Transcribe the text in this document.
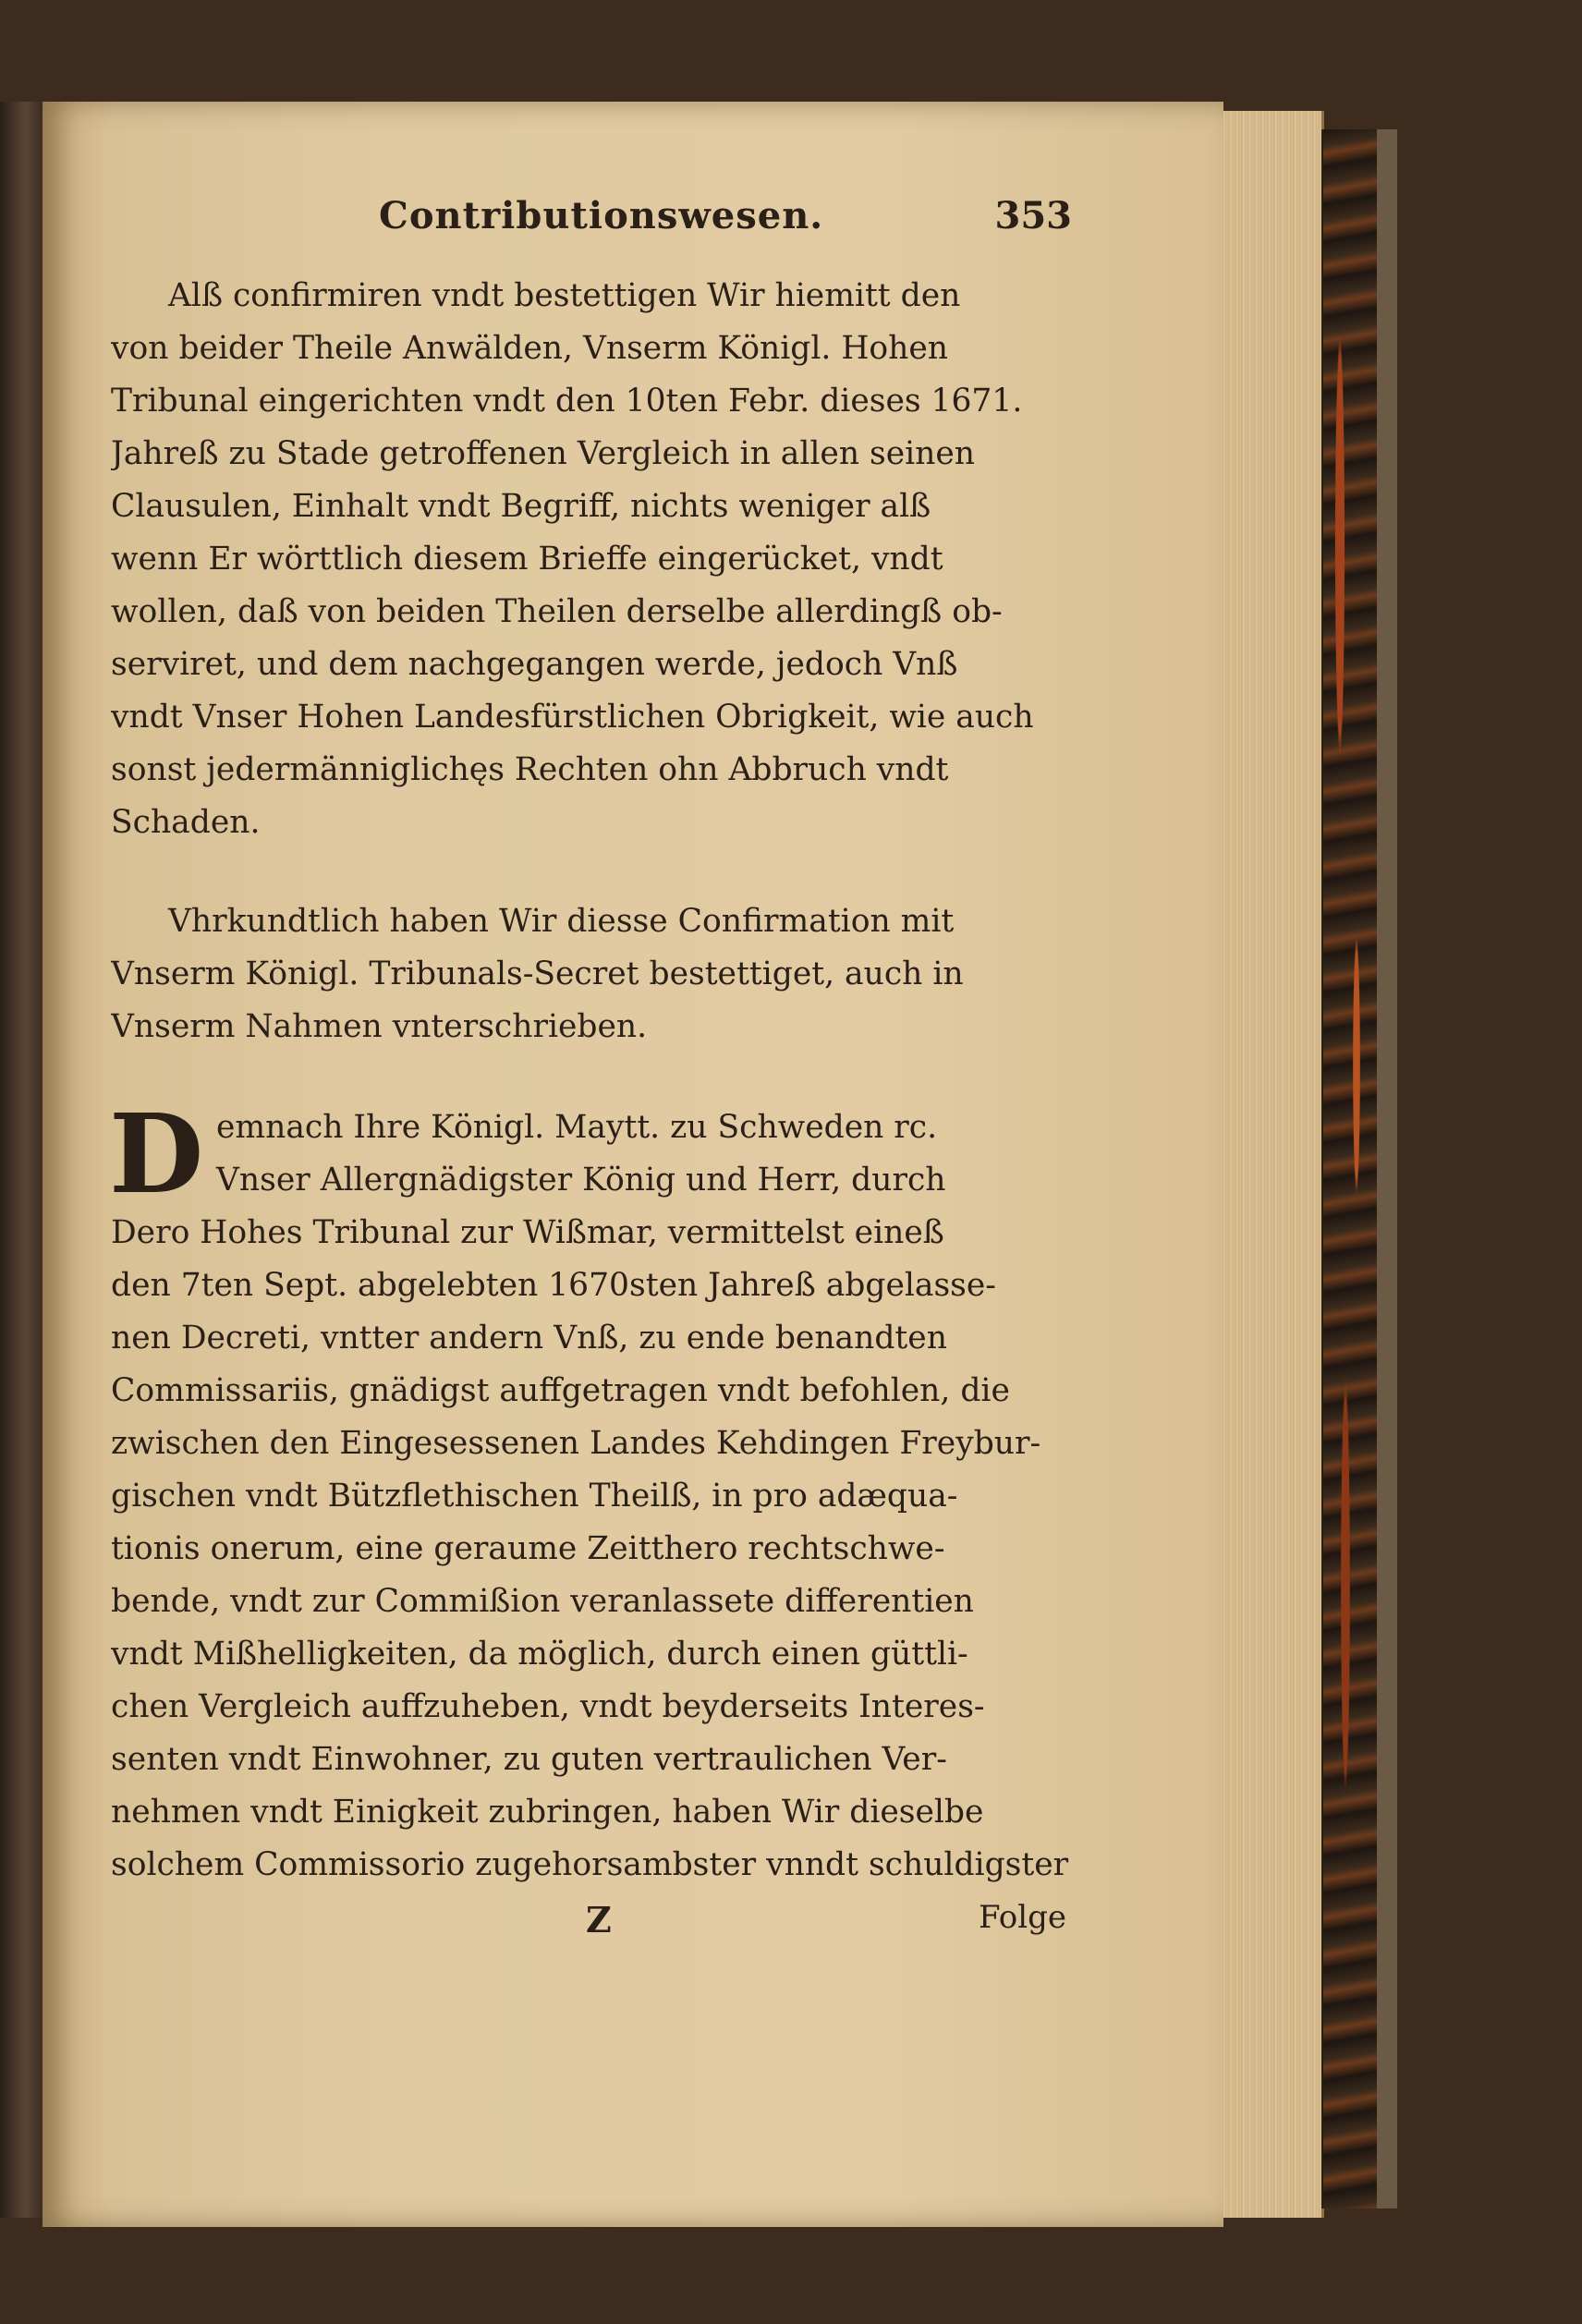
Contributionswesen.	353

Alß confirmiren vndt bestettigen Wir hiemitt den
von beider Theile Anwälden, Vnserm Königl. Hohen
Tribunal eingerichten vndt den 10ten Febr. dieses 1671.
Jahreß zu Stade getroffenen Vergleich in allen seinen
Clausulen, Einhalt vndt Begriff, nichts weniger alß
wenn Er wörttlich diesem Brieffe eingerücket, vndt
wollen, daß von beiden Theilen derselbe allerdingß ob-
serviret, und dem nachgegangen werde, jedoch Vnß
vndt Vnser Hohen Landesfürstlichen Obrigkeit, wie auch
sonst jedermänniglichęs Rechten ohn Abbruch vndt
Schaden.

Vhrkundtlich haben Wir diesse Confirmation mit
Vnserm Königl. Tribunals-Secret bestettiget, auch in
Vnserm Nahmen vnterschrieben.

D emnach Ihre Königl. Maytt. zu Schweden rc.
Vnser Allergnädigster König und Herr, durch
Dero Hohes Tribunal zur Wißmar, vermittelst eineß
den 7ten Sept. abgelebten 1670sten Jahreß abgelasse-
nen Decreti, vntter andern Vnß, zu ende benandten
Commissariis, gnädigst auffgetragen vndt befohlen, die
zwischen den Eingesessenen Landes Kehdingen Freybur-
gischen vndt Bützflethischen Theilß, in pro adæqua-
tionis onerum, eine geraume Zeitthero rechtschwe-
bende, vndt zur Commißion veranlassete differentien
vndt Mißhelligkeiten, da möglich, durch einen güttli-
chen Vergleich auffzuheben, vndt beyderseits Interes-
senten vndt Einwohner, zu guten vertraulichen Ver-
nehmen vndt Einigkeit zubringen, haben Wir dieselbe
solchem Commissorio zugehorsambster vnndt schuldigster
Z	Folge
